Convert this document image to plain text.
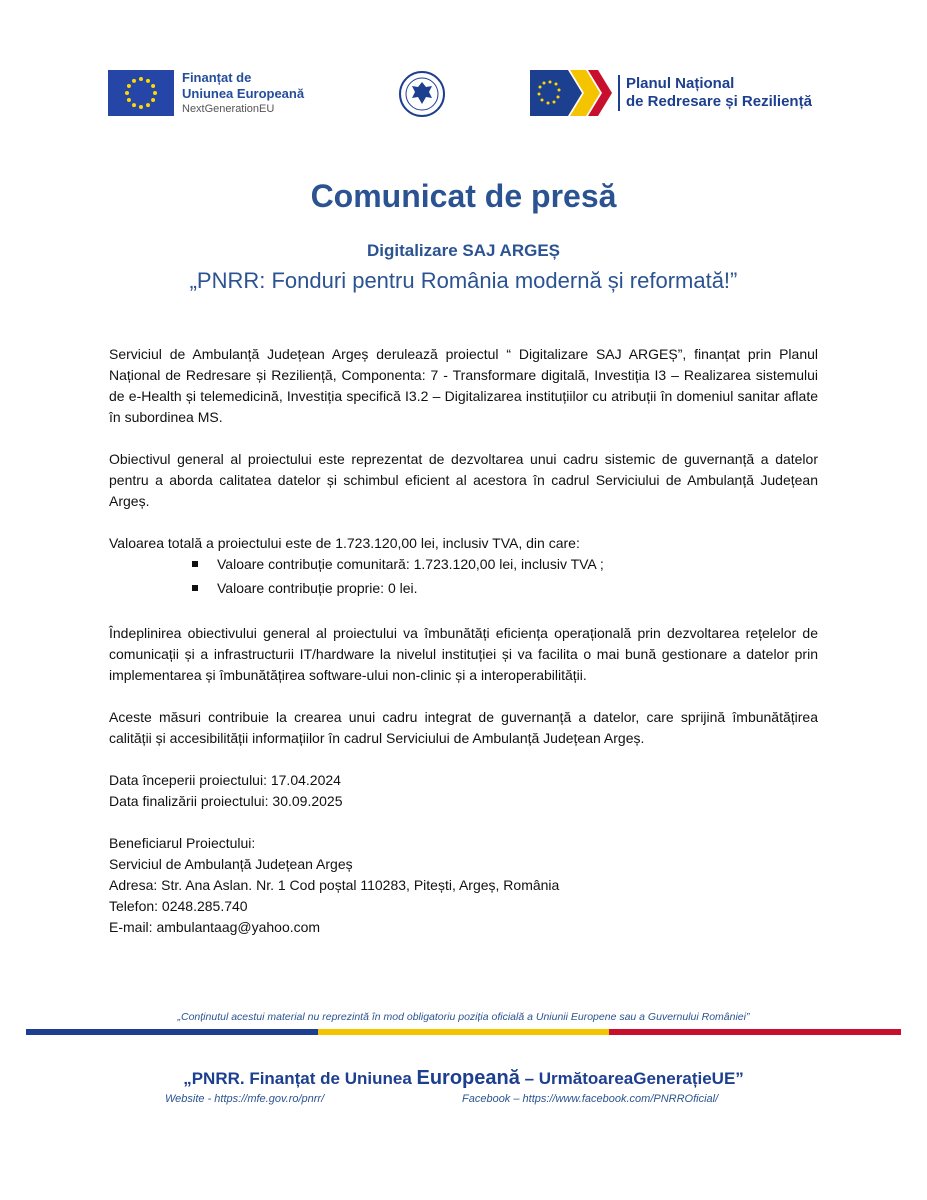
Finanțat de
Uniunea Europeană
NextGenerationEU
Planul Național
de Redresare și Reziliență
Comunicat de presă
Digitalizare SAJ ARGEȘ
„PNRR: Fonduri pentru România modernă și reformată!”

Serviciul de Ambulanță Județean Argeș derulează proiectul “ Digitalizare SAJ ARGEȘ”, finanțat prin Planul Național de Redresare și Reziliență, Componenta: 7 - Transformare digitală, Investiția I3 – Realizarea sistemului de e-Health și telemedicină, Investiția specifică I3.2 – Digitalizarea instituțiilor cu atribuții în domeniul sanitar aflate în subordinea MS.

Obiectivul general al proiectului este reprezentat de dezvoltarea unui cadru sistemic de guvernanță a datelor pentru a aborda calitatea datelor și schimbul eficient al acestora în cadrul Serviciului de Ambulanță Județean Argeș.

Valoarea totală a proiectului este de 1.723.120,00 lei, inclusiv TVA, din care:

Valoare contribuție comunitară: 1.723.120,00 lei, inclusiv TVA ;
Valoare contribuție proprie: 0 lei.

Îndeplinirea obiectivului general al proiectului va îmbunătăți eficiența operațională prin dezvoltarea rețelelor de comunicații și a infrastructurii IT/hardware la nivelul instituției și va facilita o mai bună gestionare a datelor prin implementarea și îmbunătățirea software-ului non-clinic și a interoperabilității.

Aceste măsuri contribuie la crearea unui cadru integrat de guvernanță a datelor, care sprijină îmbunătățirea calității și accesibilității informațiilor în cadrul Serviciului de Ambulanță Județean Argeș.

Data începerii proiectului: 17.04.2024
Data finalizării proiectului: 30.09.2025
Beneficiarul Proiectului:
Serviciul de Ambulanță Județean Argeș
Adresa: Str. Ana Aslan. Nr. 1 Cod poștal 110283, Pitești, Argeș, România
Telefon: 0248.285.740
E-mail: ambulantaag@yahoo.com
„Conținutul acestui material nu reprezintă în mod obligatoriu poziția oficială a Uniunii Europene sau a Guvernului României”
„PNRR. Finanțat de Uniunea Europeană – UrmătoareaGenerațieUE”
Website - https://mfe.gov.ro/pnrr/	Facebook – https://www.facebook.com/PNRROficial/
